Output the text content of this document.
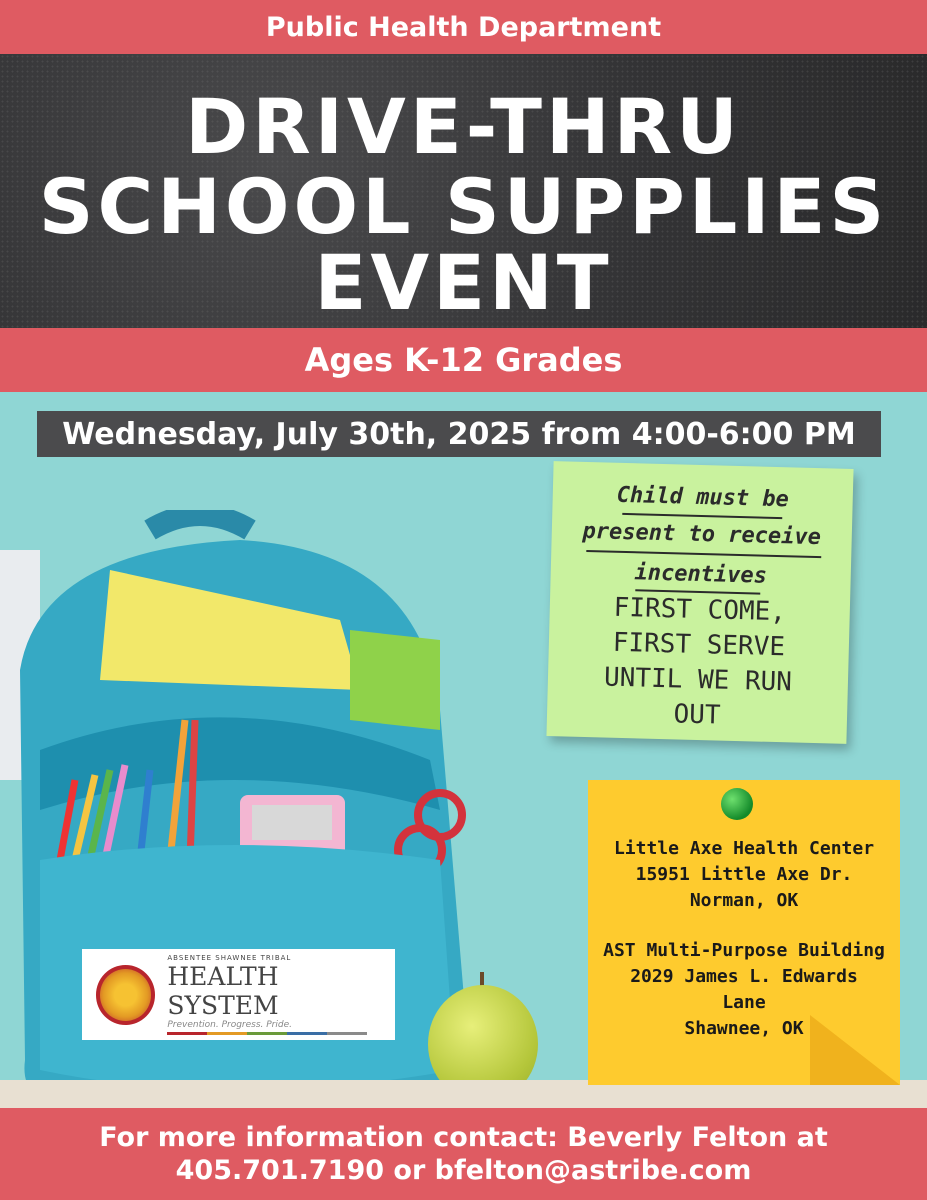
Public Health Department
DRIVE-THRU
SCHOOL SUPPLIES
EVENT
Ages K-12 Grades
Wednesday, July 30th, 2025 from 4:00-6:00 PM
ABSENTEE SHAWNEE TRIBAL
HEALTH SYSTEM
Prevention. Progress. Pride.
Child must be
present to receive
incentives
FIRST COME,
FIRST SERVE
UNTIL WE RUN
OUT
Little Axe Health Center
15951 Little Axe Dr.
Norman, OK
AST Multi-Purpose Building
2029 James L. Edwards
Lane
Shawnee, OK
For more information contact: Beverly Felton at
405.701.7190 or bfelton@astribe.com
